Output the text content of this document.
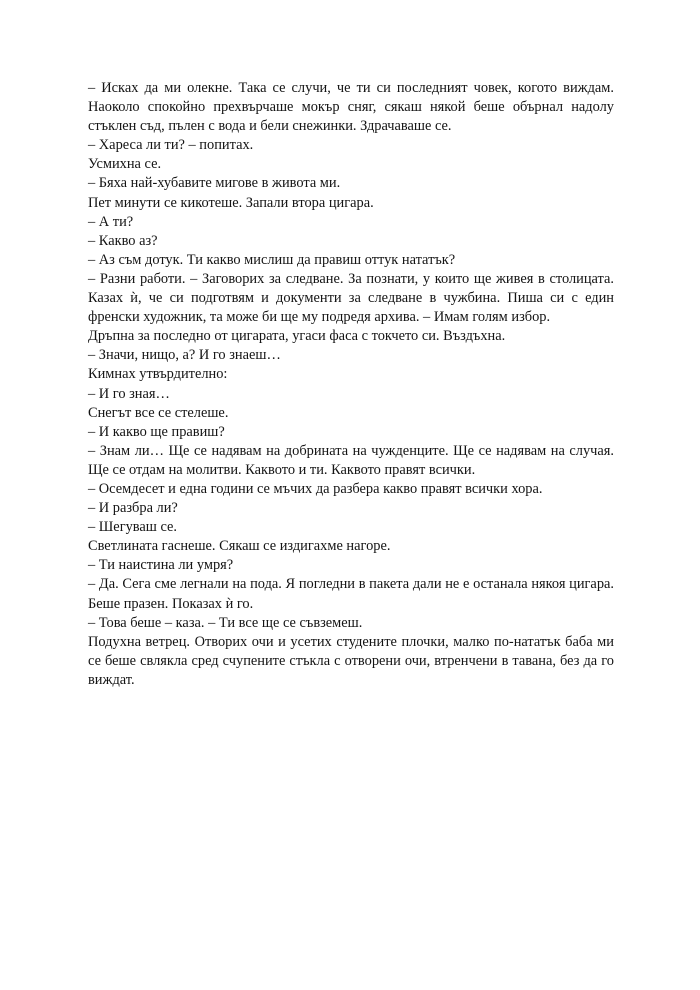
– Исках да ми олекне. Така се случи, че ти си последният човек, когото виждам. Наоколо спокойно прехвърчаше мокър сняг, сякаш някой беше обърнал надолу стъклен съд, пълен с вода и бели снежинки. Здрачаваше се.

– Хареса ли ти? – попитах.

Усмихна се.

– Бяха най-хубавите мигове в живота ми.

Пет минути се кикотеше. Запали втора цигара.

– А ти?

– Какво аз?

– Аз съм дотук. Ти какво мислиш да правиш оттук нататък?

– Разни работи. – Заговорих за следване. За познати, у които ще живея в столицата. Казах ѝ, че си подготвям и документи за следване в чужбина. Пиша си с един френски художник, та може би ще му подредя архива. – Имам голям избор.

Дръпна за последно от цигарата, угаси фаса с токчето си. Въздъхна.

– Значи, нищо, а? И го знаеш…

Кимнах утвърдително:

– И го зная…

Снегът все се стелеше.

– И какво ще правиш?

– Знам ли… Ще се надявам на добрината на чужденците. Ще се надявам на случая. Ще се отдам на молитви. Каквото и ти. Каквото правят всички.

– Осемдесет и една години се мъчих да разбера какво правят всички хора.

– И разбра ли?

– Шегуваш се.

Светлината гаснеше. Сякаш се издигахме нагоре.

– Ти наистина ли умря?

– Да. Сега сме легнали на пода. Я погледни в пакета дали не е останала някоя цигара. Беше празен. Показах ѝ го.

– Това беше – каза. – Ти все ще се съвземеш.

Подухна ветрец. Отворих очи и усетих студените плочки, малко по-нататък баба ми се беше свлякла сред счупените стъкла с отворени очи, втренчени в тавана, без да го виждат.
